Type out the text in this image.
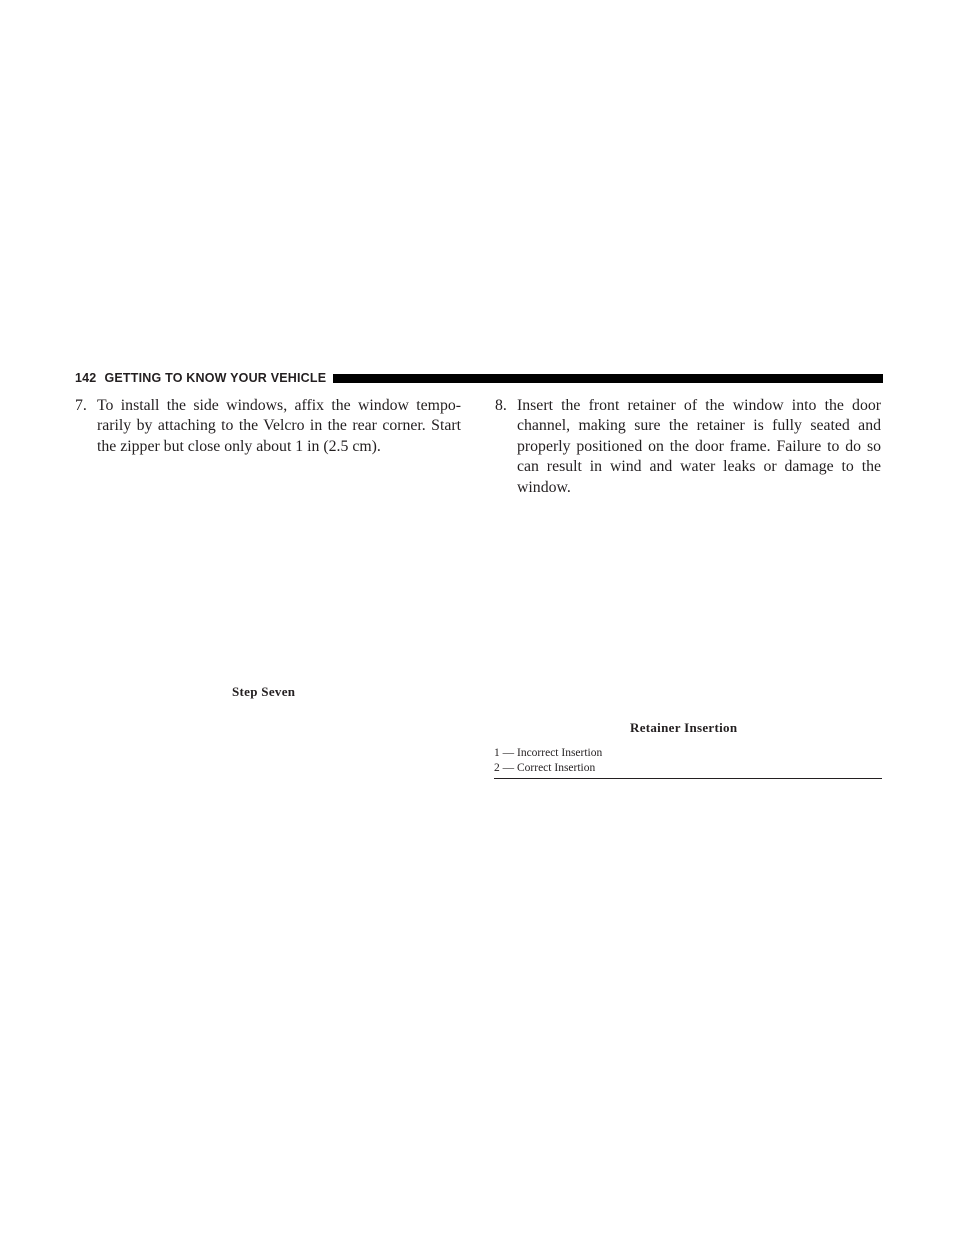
142 GETTING TO KNOW YOUR VEHICLE
7. To install the side windows, affix the window tempo-rarily by attaching to the Velcro in the rear corner. Start the zipper but close only about 1 in (2.5 cm).
Step Seven
8. Insert the front retainer of the window into the door channel, making sure the retainer is fully seated and properly positioned on the door frame. Failure to do so can result in wind and water leaks or damage to the window.
Retainer Insertion
1 — Incorrect Insertion
2 — Correct Insertion
